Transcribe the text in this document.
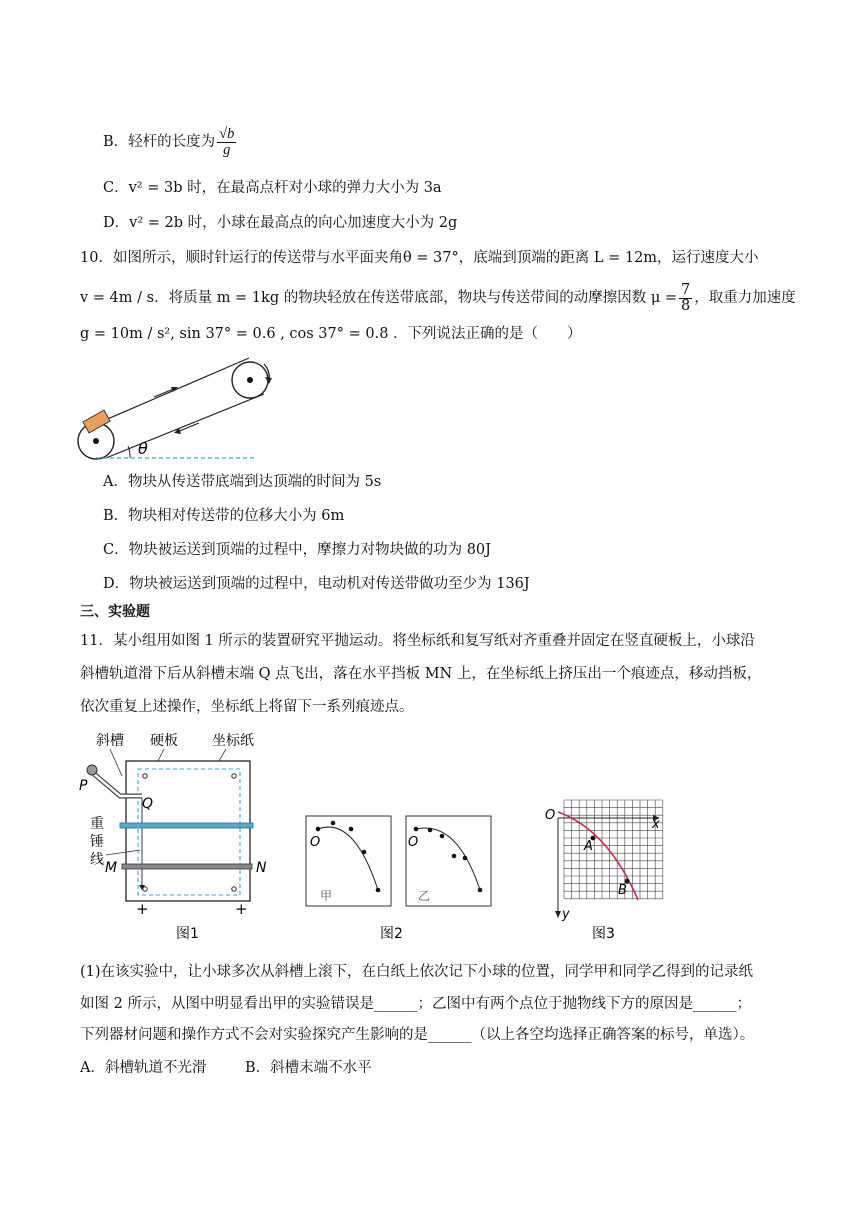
B．轻杆的长度为 $\frac{√b}{g}$
C．v² = 3b 时，在最高点杆对小球的弹力大小为 3a
D．v² = 2b 时，小球在最高点的向心加速度大小为 2g
10．如图所示，顺时针运行的传送带与水平面夹角θ = 37°，底端到顶端的距离 L = 12m，运行速度大小
v = 4m / s．将质量 m = 1kg 的物块轻放在传送带底部，物块与传送带间的动摩擦因数 $\mu = \frac{7}{8}$ ，取重力加速度
g = 10m / s², sin 37° = 0.6 , cos 37° = 0.8 ．下列说法正确的是（　　）
θ
A．物块从传送带底端到达顶端的时间为 5s
B．物块相对传送带的位移大小为 6m
C．物块被运送到顶端的过程中，摩擦力对物块做的功为 80J
D．物块被运送到顶端的过程中，电动机对传送带做功至少为 136J
三、实验题
11．某小组用如图 1 所示的装置研究平抛运动。将坐标纸和复写纸对齐重叠并固定在竖直硬板上，小球沿
斜槽轨道滑下后从斜槽末端 Q 点飞出，落在水平挡板 MN 上，在坐标纸上挤压出一个痕迹点，移动挡板，
依次重复上述操作，坐标纸上将留下一系列痕迹点。
斜槽 硬板 坐标纸
P
Q
重
锤
线 M	N
+	+
图1
O
甲
O
乙
图2
O
A
B
x
y
图3
(1)在该实验中，让小球多次从斜槽上滚下，在白纸上依次记下小球的位置，同学甲和同学乙得到的记录纸
如图 2 所示，从图中明显看出甲的实验错误是______；乙图中有两个点位于抛物线下方的原因是______；
下列器材问题和操作方式不会对实验探究产生影响的是______（以上各空均选择正确答案的标号，单选）。
A．斜槽轨道不光滑	B．斜槽末端不水平
